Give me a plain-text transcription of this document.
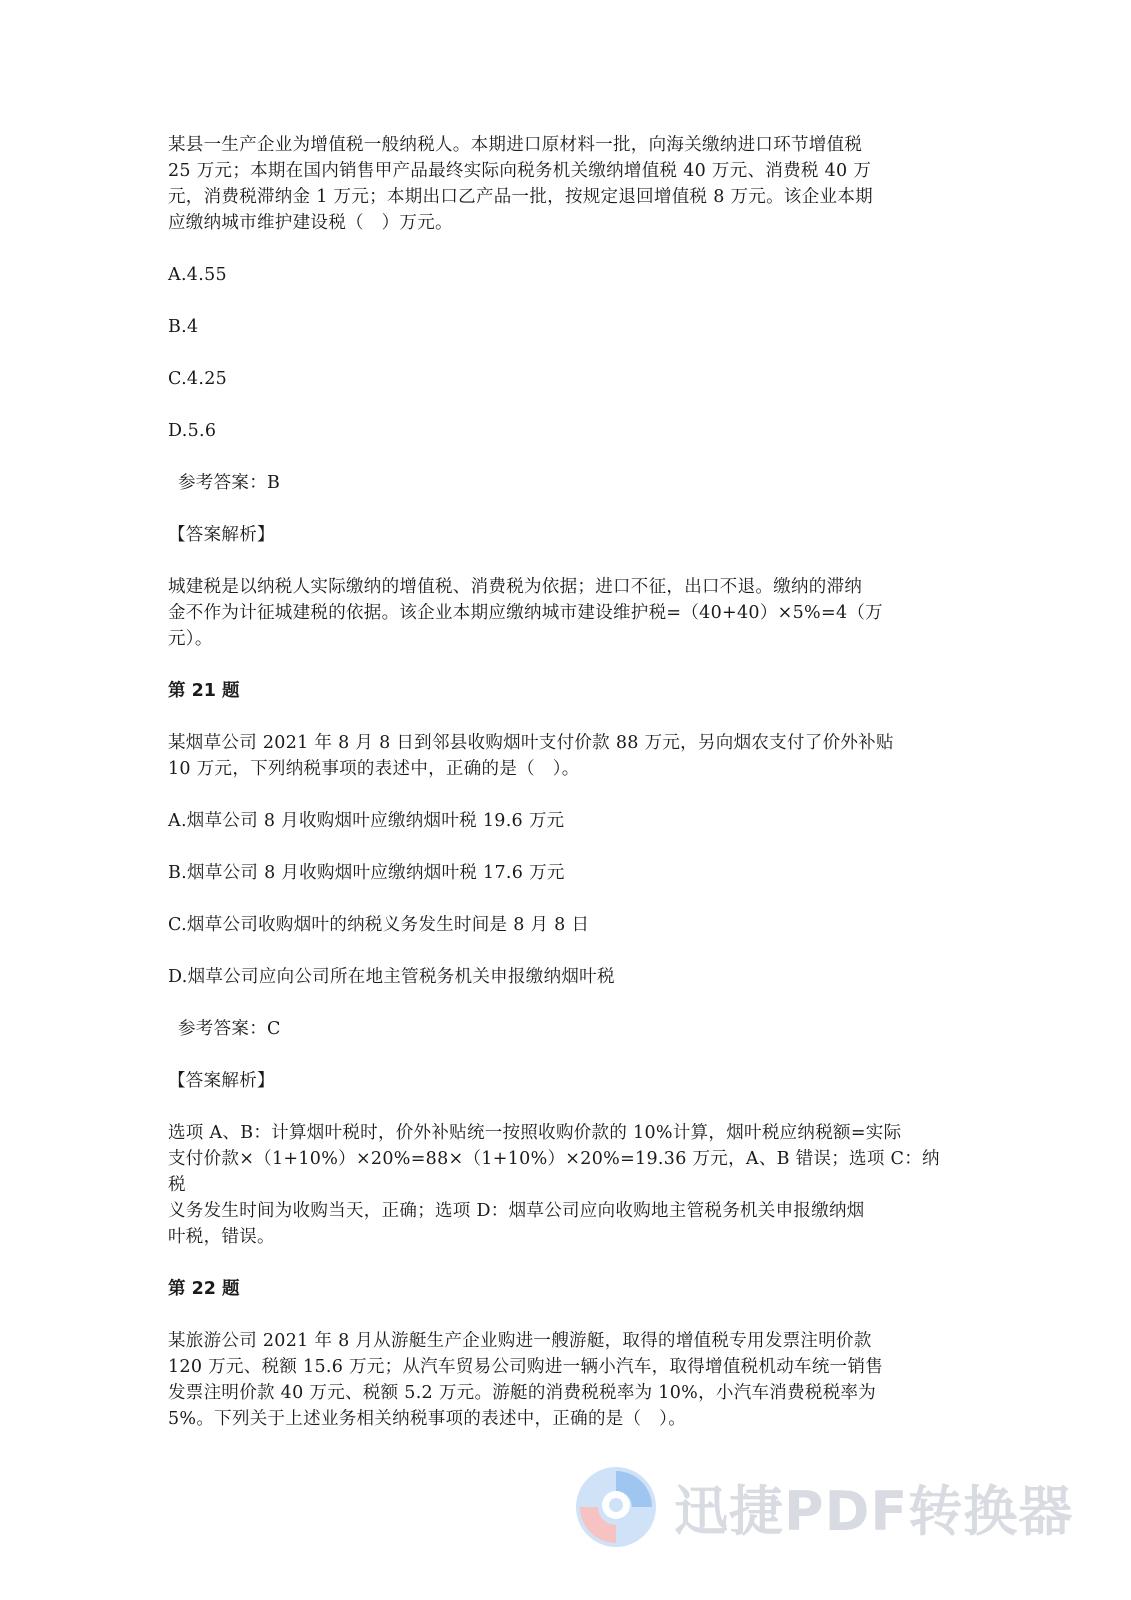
某县一生产企业为增值税一般纳税人。本期进口原材料一批，向海关缴纳进口环节增值税

25 万元；本期在国内销售甲产品最终实际向税务机关缴纳增值税 40 万元、消费税 40 万

元，消费税滞纳金 1 万元；本期出口乙产品一批，按规定退回增值税 8 万元。该企业本期

应缴纳城市维护建设税（　）万元。

A.4.55

B.4

C.4.25

D.5.6

参考答案：B

【答案解析】

城建税是以纳税人实际缴纳的增值税、消费税为依据；进口不征，出口不退。缴纳的滞纳

金不作为计征城建税的依据。该企业本期应缴纳城市建设维护税=（40+40）×5%=4（万

元）。

第 21 题

某烟草公司 2021 年 8 月 8 日到邻县收购烟叶支付价款 88 万元，另向烟农支付了价外补贴

10 万元，下列纳税事项的表述中，正确的是（　）。

A.烟草公司 8 月收购烟叶应缴纳烟叶税 19.6 万元

B.烟草公司 8 月收购烟叶应缴纳烟叶税 17.6 万元

C.烟草公司收购烟叶的纳税义务发生时间是 8 月 8 日

D.烟草公司应向公司所在地主管税务机关申报缴纳烟叶税

参考答案：C

【答案解析】

选项 A、B：计算烟叶税时，价外补贴统一按照收购价款的 10%计算，烟叶税应纳税额=实际

支付价款×（1+10%）×20%=88×（1+10%）×20%=19.36 万元，A、B 错误；选项 C：纳税

义务发生时间为收购当天，正确；选项 D：烟草公司应向收购地主管税务机关申报缴纳烟

叶税，错误。

第 22 题

某旅游公司 2021 年 8 月从游艇生产企业购进一艘游艇，取得的增值税专用发票注明价款

120 万元、税额 15.6 万元；从汽车贸易公司购进一辆小汽车，取得增值税机动车统一销售

发票注明价款 40 万元、税额 5.2 万元。游艇的消费税税率为 10%，小汽车消费税税率为

5%。下列关于上述业务相关纳税事项的表述中，正确的是（　）。

迅捷PDF转换器
